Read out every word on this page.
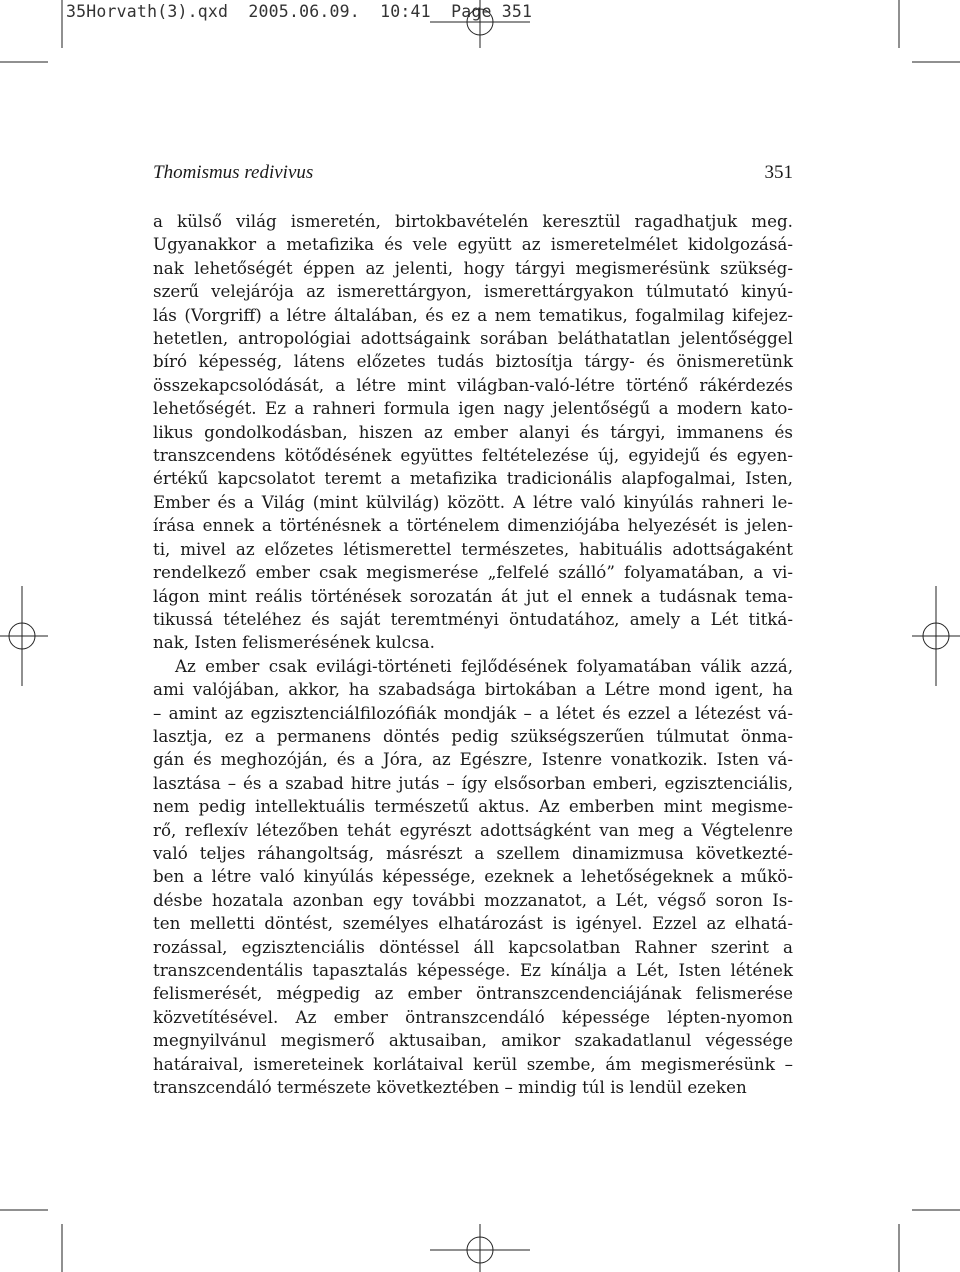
35Horvath(3).qxd  2005.06.09.  10:41  Page 351
Thomismus redivivus	351
a külső világ ismeretén, birtokbavételén keresztül ragadhatjuk meg.
Ugyanakkor a metafizika és vele együtt az ismeretelmélet kidolgozásá-
nak lehetőségét éppen az jelenti, hogy tárgyi megismerésünk szükség-
szerű velejárója az ismerettárgyon, ismerettárgyakon túlmutató kinyú-
lás (Vorgriff) a létre általában, és ez a nem tematikus, fogalmilag kifejez-
hetetlen, antropológiai adottságaink sorában beláthatatlan jelentőséggel
bíró képesség, látens előzetes tudás biztosítja tárgy- és önismeretünk
összekapcsolódását, a létre mint világban-való-létre történő rákérdezés
lehetőségét. Ez a rahneri formula igen nagy jelentőségű a modern kato-
likus gondolkodásban, hiszen az ember alanyi és tárgyi, immanens és
transzcendens kötődésének együttes feltételezése új, egyidejű és egyen-
értékű kapcsolatot teremt a metafizika tradicionális alapfogalmai, Isten,
Ember és a Világ (mint külvilág) között. A létre való kinyúlás rahneri le-
írása ennek a történésnek a történelem dimenziójába helyezését is jelen-
ti, mivel az előzetes létismerettel természetes, habituális adottságaként
rendelkező ember csak megismerése „felfelé szálló” folyamatában, a vi-
lágon mint reális történések sorozatán át jut el ennek a tudásnak tema-
tikussá tételéhez és saját teremtményi öntudatához, amely a Lét titká-
nak, Isten felismerésének kulcsa.
Az ember csak evilági-történeti fejlődésének folyamatában válik azzá,
ami valójában, akkor, ha szabadsága birtokában a Létre mond igent, ha
– amint az egzisztenciálfilozófiák mondják – a létet és ezzel a létezést vá-
lasztja, ez a permanens döntés pedig szükségszerűen túlmutat önma-
gán és meghozóján, és a Jóra, az Egészre, Istenre vonatkozik. Isten vá-
lasztása – és a szabad hitre jutás – így elsősorban emberi, egzisztenciális,
nem pedig intellektuális természetű aktus. Az emberben mint megisme-
rő, reflexív létezőben tehát egyrészt adottságként van meg a Végtelenre
való teljes ráhangoltság, másrészt a szellem dinamizmusa következté-
ben a létre való kinyúlás képessége, ezeknek a lehetőségeknek a műkö-
désbe hozatala azonban egy további mozzanatot, a Lét, végső soron Is-
ten melletti döntést, személyes elhatározást is igényel. Ezzel az elhatá-
rozással, egzisztenciális döntéssel áll kapcsolatban Rahner szerint a
transzcendentális tapasztalás képessége. Ez kínálja a Lét, Isten létének
felismerését, mégpedig az ember öntranszcendenciájának felismerése
közvetítésével. Az ember öntranszcendáló képessége lépten-nyomon
megnyilvánul megismerő aktusaiban, amikor szakadatlanul végessége
határaival, ismereteinek korlátaival kerül szembe, ám megismerésünk –
transzcendáló természete következtében – mindig túl is lendül ezeken
